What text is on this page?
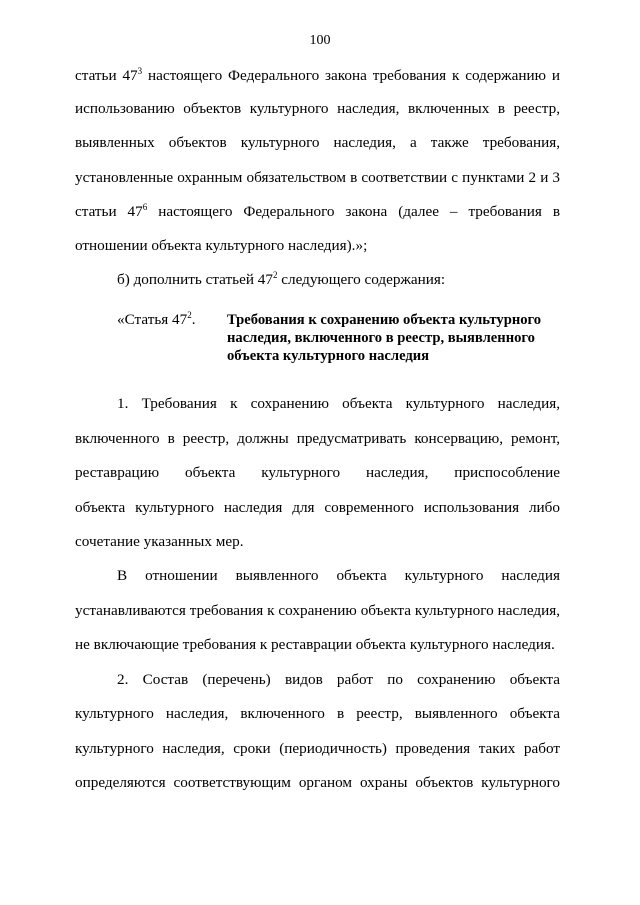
100
статьи $47^3$ настоящего Федерального закона требования к содержанию и
использованию объектов культурного наследия, включенных в реестр,
выявленных объектов культурного наследия, а также требования,
установленные охранным обязательством в соответствии с пунктами 2 и 3
статьи $47^6$ настоящего Федерального закона (далее – требования в
отношении объекта культурного наследия).»;
б) дополнить статьей $47^2$ следующего содержания:
«Статья $47^2$. Требования к сохранению объекта культурного наследия, включенного в реестр, выявленного объекта культурного наследия
1. Требования к сохранению объекта культурного наследия,
включенного в реестр, должны предусматривать консервацию, ремонт,
реставрацию объекта культурного наследия, приспособление
объекта культурного наследия для современного использования либо
сочетание указанных мер.
В отношении выявленного объекта культурного наследия
устанавливаются требования к сохранению объекта культурного наследия,
не включающие требования к реставрации объекта культурного наследия.
2. Состав (перечень) видов работ по сохранению объекта
культурного наследия, включенного в реестр, выявленного объекта
культурного наследия, сроки (периодичность) проведения таких работ
определяются соответствующим органом охраны объектов культурного
